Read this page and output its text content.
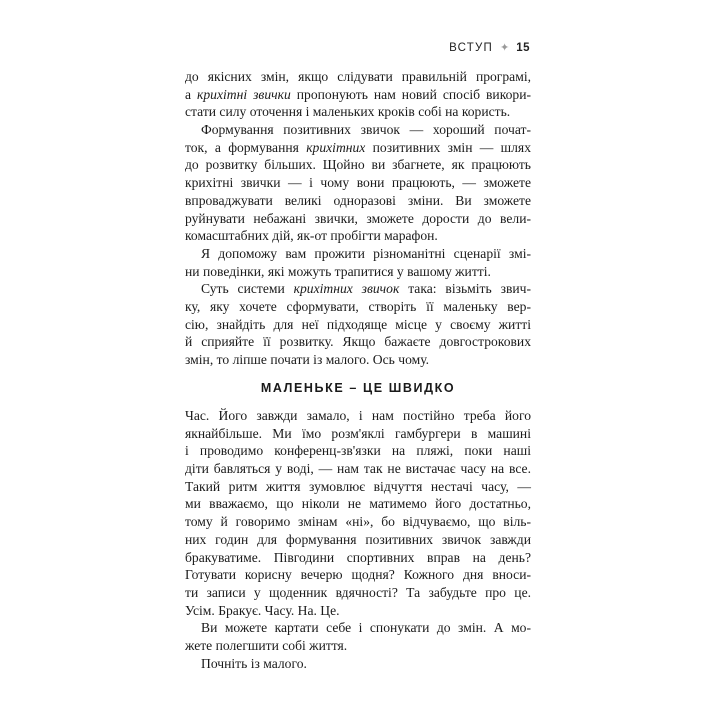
ВСТУП ✦ 15
до якісних змін, якщо слідувати правильній програмі,
а крихітні звички пропонують нам новий спосіб викори-
стати силу оточення і маленьких кроків собі на користь.
Формування позитивних звичок — хороший почат-
ток, а формування крихітних позитивних змін — шлях
до розвитку більших. Щойно ви збагнете, як працюють
крихітні звички — і чому вони працюють, — зможете
впроваджувати великі одноразові зміни. Ви зможете
руйнувати небажані звички, зможете дорости до вели-
комасштабних дій, як-от пробігти марафон.
Я допоможу вам прожити різноманітні сценарії змі-
ни поведінки, які можуть трапитися у вашому житті.
Суть системи крихітних звичок така: візьміть звич-
ку, яку хочете сформувати, створіть її маленьку вер-
сію, знайдіть для неї підходяще місце у своєму житті
й сприяйте її розвитку. Якщо бажаєте довгострокових
змін, то ліпше почати із малого. Ось чому.
МАЛЕНЬКЕ – ЦЕ ШВИДКО
Час. Його завжди замало, і нам постійно треба його
якнайбільше. Ми їмо розм'яклі гамбургери в машині
і проводимо конференц-зв'язки на пляжі, поки наші
діти бавляться у воді, — нам так не вистачає часу на все.
Такий ритм життя зумовлює відчуття нестачі часу, —
ми вважаємо, що ніколи не матимемо його достатньо,
тому й говоримо змінам «ні», бо відчуваємо, що віль-
них годин для формування позитивних звичок завжди
бракуватиме. Півгодини спортивних вправ на день?
Готувати корисну вечерю щодня? Кожного дня вноси-
ти записи у щоденник вдячності? Та забудьте про це.
Усім. Бракує. Часу. На. Це.
Ви можете картати себе і спонукати до змін. А мо-
жете полегшити собі життя.
Почніть із малого.
